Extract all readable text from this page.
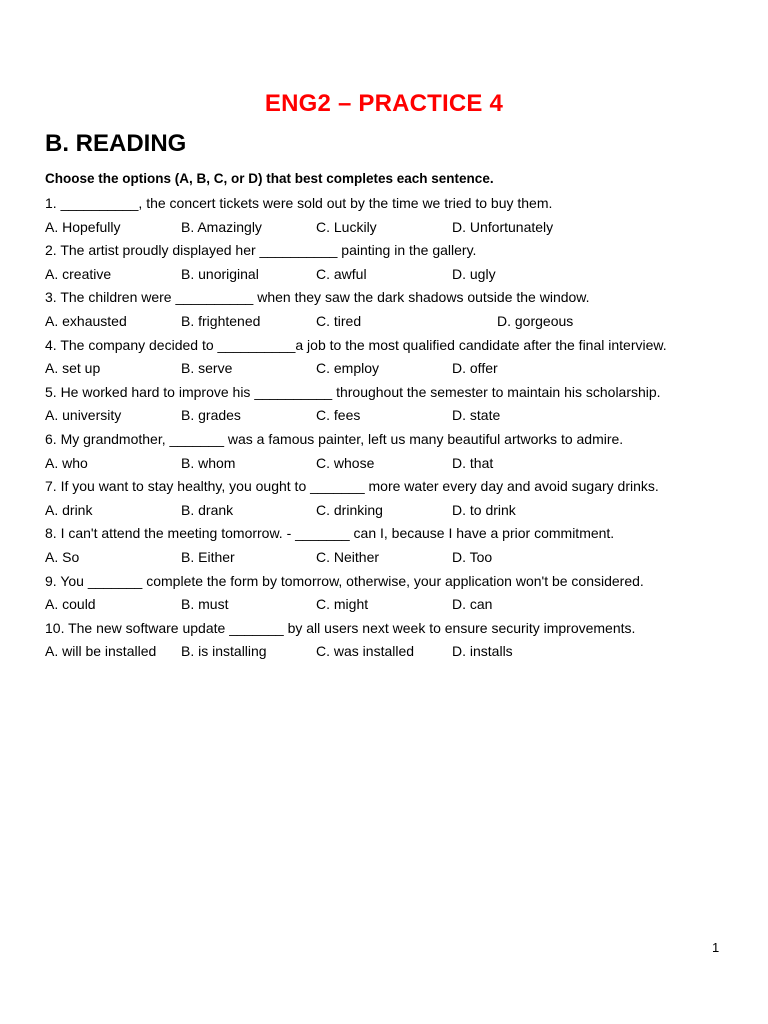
ENG2 – PRACTICE 4
B. READING
Choose the options (A, B, C, or D) that best completes each sentence.
1. __________, the concert tickets were sold out by the time we tried to buy them.
A. Hopefully	B. Amazingly	C. Luckily	D. Unfortunately
2. The artist proudly displayed her __________ painting in the gallery.
A. creative	B. unoriginal	C. awful	D. ugly
3. The children were __________ when they saw the dark shadows outside the window.
A. exhausted	B. frightened	C. tired	D. gorgeous
4. The company decided to __________a job to the most qualified candidate after the final interview.
A. set up	B. serve	C. employ	D. offer
5. He worked hard to improve his __________ throughout the semester to maintain his scholarship.
A. university	B. grades	C. fees	D. state
6. My grandmother, _______ was a famous painter, left us many beautiful artworks to admire.
A. who	B. whom	C. whose	D. that
7. If you want to stay healthy, you ought to _______ more water every day and avoid sugary drinks.
A. drink	B. drank	C. drinking	D. to drink
8. I can't attend the meeting tomorrow. - _______ can I, because I have a prior commitment.
A. So	B. Either	C. Neither	D. Too
9. You _______ complete the form by tomorrow, otherwise, your application won't be considered.
A. could	B. must	C. might	D. can
10. The new software update _______ by all users next week to ensure security improvements.
A. will be installed B. is installing	C. was installed	D. installs
1
